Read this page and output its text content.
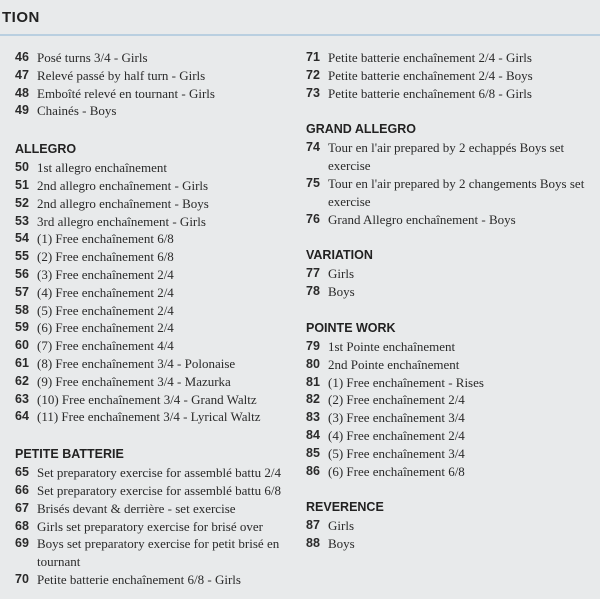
TION
46 Posé turns 3/4 - Girls
47 Relevé passé by half turn - Girls
48 Emboîté relevé en tournant - Girls
49 Chainés - Boys
ALLEGRO
50 1st allegro enchaînement
51 2nd allegro enchaînement - Girls
52 2nd allegro enchaînement - Boys
53 3rd allegro enchaînement - Girls
54 (1) Free enchaînement 6/8
55 (2) Free enchaînement 6/8
56 (3) Free enchaînement 2/4
57 (4) Free enchaînement 2/4
58 (5) Free enchaînement 2/4
59 (6) Free enchaînement 2/4
60 (7) Free enchaînement 4/4
61 (8) Free enchaînement 3/4 - Polonaise
62 (9) Free enchaînement 3/4 - Mazurka
63 (10) Free enchaînement 3/4 - Grand Waltz
64 (11) Free enchaînement 3/4 - Lyrical Waltz
PETITE BATTERIE
65 Set preparatory exercise for assemblé battu 2/4
66 Set preparatory exercise for assemblé battu 6/8
67 Brisés devant & derrière - set exercise
68 Girls set preparatory exercise for brisé over
69 Boys set preparatory exercise for petit brisé en tournant
70 Petite batterie enchaînement 6/8 - Girls
71 Petite batterie enchaînement 2/4 - Girls
72 Petite batterie enchaînement 2/4 - Boys
73 Petite batterie enchaînement 6/8 - Girls
GRAND ALLEGRO
74 Tour en l'air prepared by 2 echappés Boys set exercise
75 Tour en l'air prepared by 2 changements Boys set exercise
76 Grand Allegro enchaînement - Boys
VARIATION
77 Girls
78 Boys
POINTE WORK
79 1st Pointe enchaînement
80 2nd Pointe enchaînement
81 (1) Free enchaînement - Rises
82 (2) Free enchaînement 2/4
83 (3) Free enchaînement 3/4
84 (4) Free enchaînement 2/4
85 (5) Free enchaînement 3/4
86 (6) Free enchaînement 6/8
REVERENCE
87 Girls
88 Boys
